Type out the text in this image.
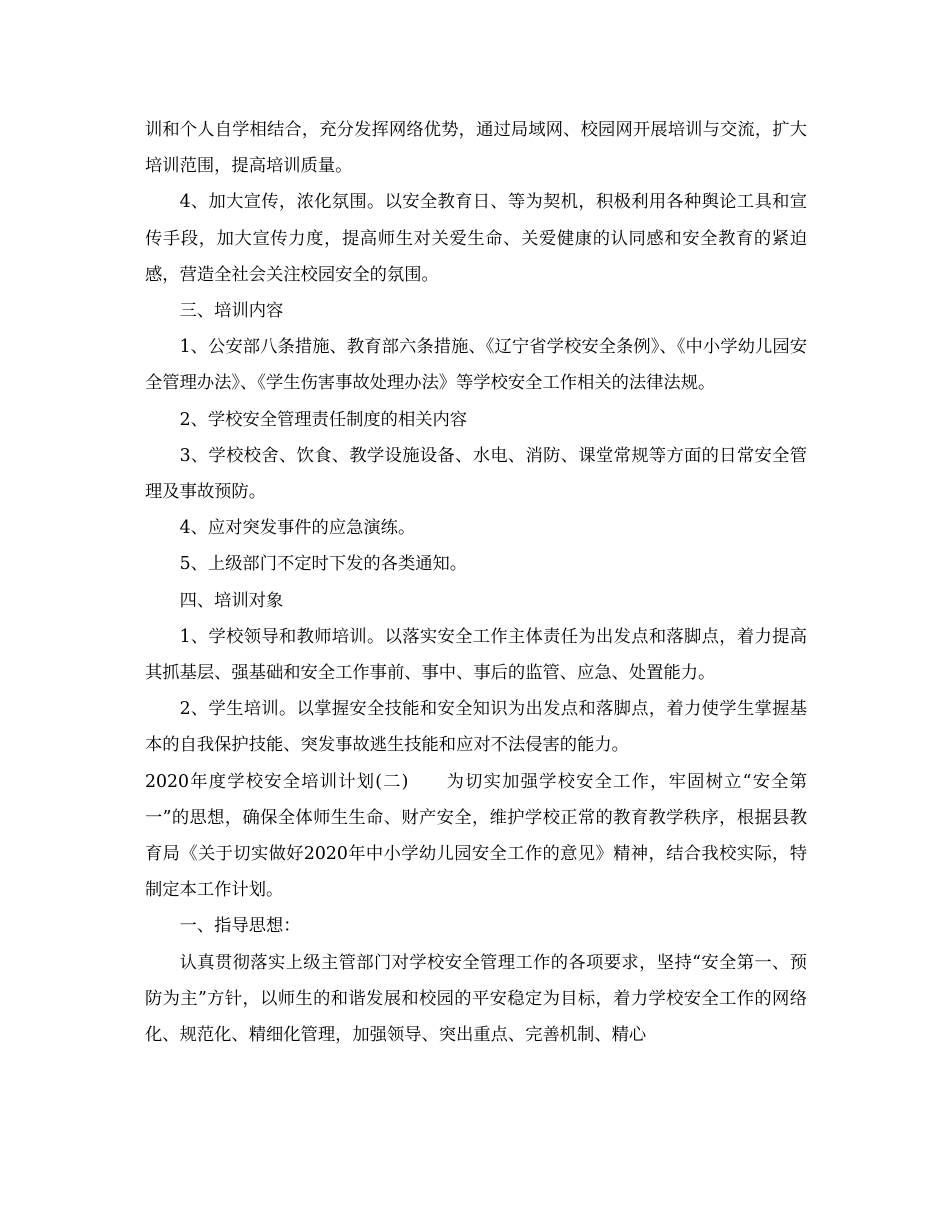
训和个人自学相结合，充分发挥网络优势，通过局域网、校园网开展培训与交流，扩大培训范围，提高培训质量。

4、加大宣传，浓化氛围。以安全教育日、等为契机，积极利用各种舆论工具和宣传手段，加大宣传力度，提高师生对关爱生命、关爱健康的认同感和安全教育的紧迫感，营造全社会关注校园安全的氛围。

三、培训内容

1、公安部八条措施、教育部六条措施、《辽宁省学校安全条例》、《中小学幼儿园安全管理办法》、《学生伤害事故处理办法》等学校安全工作相关的法律法规。

2、学校安全管理责任制度的相关内容

3、学校校舍、饮食、教学设施设备、水电、消防、课堂常规等方面的日常安全管理及事故预防。

4、应对突发事件的应急演练。

5、上级部门不定时下发的各类通知。

四、培训对象

1、学校领导和教师培训。以落实安全工作主体责任为出发点和落脚点，着力提高其抓基层、强基础和安全工作事前、事中、事后的监管、应急、处置能力。

2、学生培训。以掌握安全技能和安全知识为出发点和落脚点，着力使学生掌握基本的自我保护技能、突发事故逃生技能和应对不法侵害的能力。

2020年度学校安全培训计划(二)　　为切实加强学校安全工作，牢固树立“安全第一”的思想，确保全体师生生命、财产安全，维护学校正常的教育教学秩序，根据县教育局《关于切实做好2020年中小学幼儿园安全工作的意见》精神，结合我校实际，特制定本工作计划。

一、指导思想：

认真贯彻落实上级主管部门对学校安全管理工作的各项要求，坚持“安全第一、预防为主”方针，以师生的和谐发展和校园的平安稳定为目标，着力学校安全工作的网络化、规范化、精细化管理，加强领导、突出重点、完善机制、精心
